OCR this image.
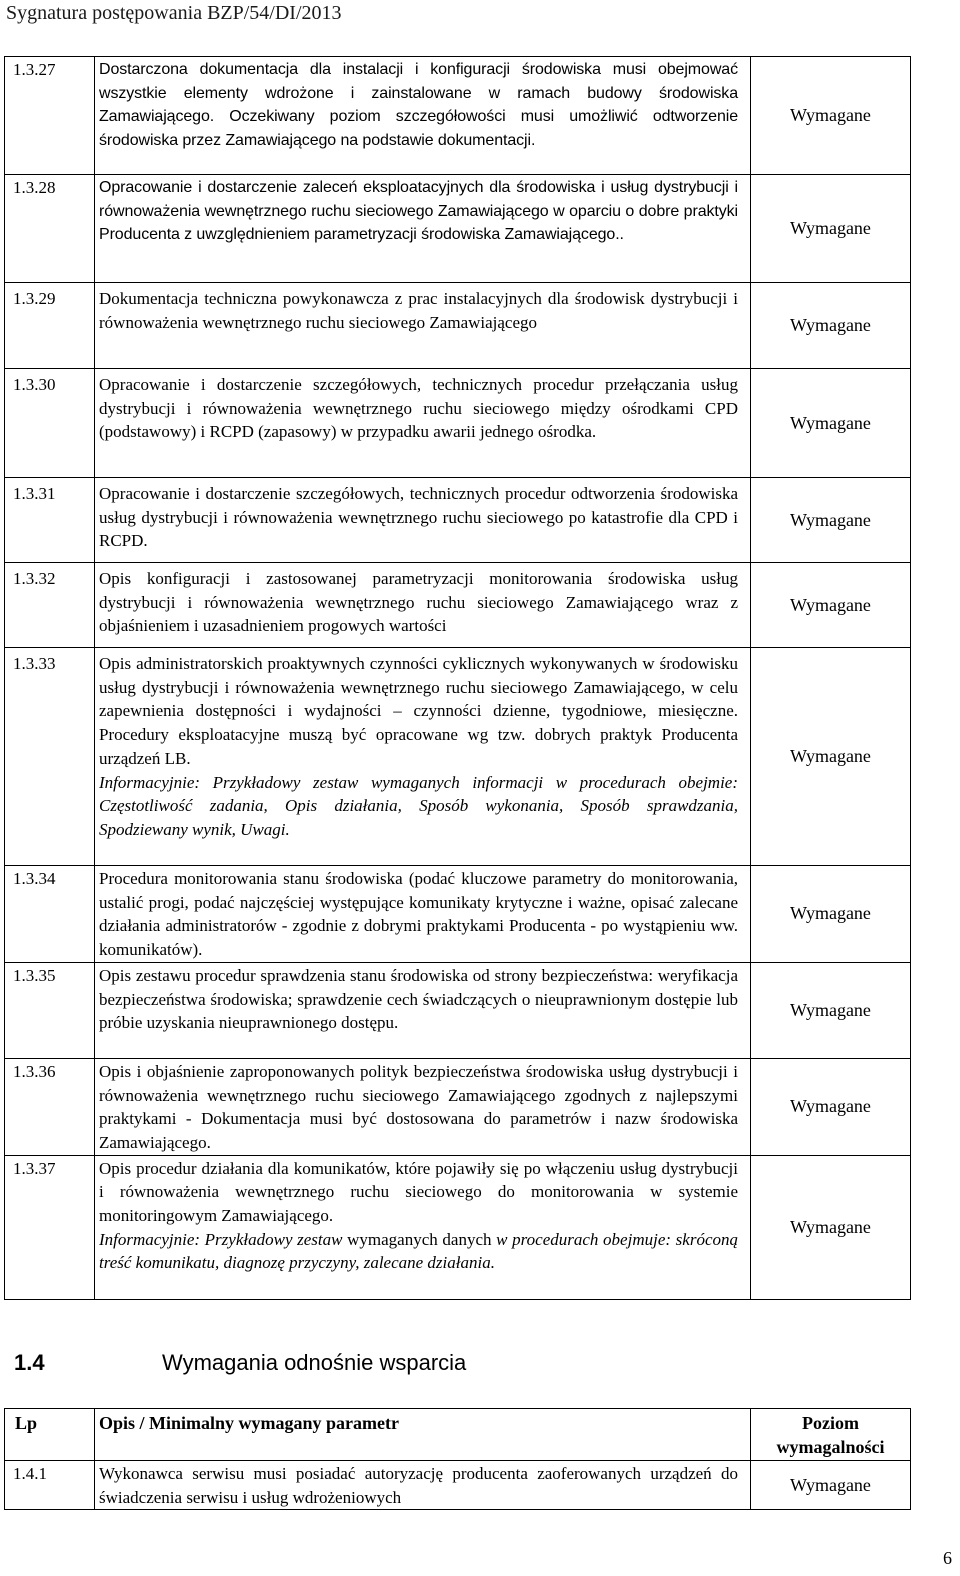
Sygnatura postępowania BZP/54/DI/2013
1.3.27	Dostarczona dokumentacja dla instalacji i konfiguracji środowiska musi obejmować wszystkie elementy wdrożone i zainstalowane w ramach budowy środowiska Zamawiającego. Oczekiwany poziom szczegółowości musi umożliwić odtworzenie środowiska przez Zamawiającego na podstawie dokumentacji.	Wymagane
1.3.28	Opracowanie i dostarczenie zaleceń eksploatacyjnych dla środowiska i usług dystrybucji i równoważenia wewnętrznego ruchu sieciowego Zamawiającego w oparciu o dobre praktyki Producenta z uwzględnieniem parametryzacji środowiska Zamawiającego..	Wymagane
1.3.29	Dokumentacja techniczna powykonawcza z prac instalacyjnych dla środowisk dystrybucji i równoważenia wewnętrznego ruchu sieciowego Zamawiającego	Wymagane
1.3.30	Opracowanie i dostarczenie szczegółowych, technicznych procedur przełączania usług dystrybucji i równoważenia wewnętrznego ruchu sieciowego między ośrodkami CPD (podstawowy) i RCPD (zapasowy) w przypadku awarii jednego ośrodka.	Wymagane
1.3.31	Opracowanie i dostarczenie szczegółowych, technicznych procedur odtworzenia środowiska usług dystrybucji i równoważenia wewnętrznego ruchu sieciowego po katastrofie dla CPD i RCPD.	Wymagane
1.3.32	Opis konfiguracji i zastosowanej parametryzacji monitorowania środowiska usług dystrybucji i równoważenia wewnętrznego ruchu sieciowego Zamawiającego wraz z objaśnieniem i uzasadnieniem progowych wartości	Wymagane
1.3.33	Opis administratorskich proaktywnych czynności cyklicznych wykonywanych w środowisku usług dystrybucji i równoważenia wewnętrznego ruchu sieciowego Zamawiającego, w celu zapewnienia dostępności i wydajności – czynności dzienne, tygodniowe, miesięczne. Procedury eksploatacyjne muszą być opracowane wg tzw. dobrych praktyk Producenta urządzeń LB.
Informacyjnie: Przykładowy zestaw wymaganych informacji w procedurach obejmie: Częstotliwość zadania, Opis działania, Sposób wykonania, Sposób sprawdzania, Spodziewany wynik, Uwagi.	Wymagane
1.3.34	Procedura monitorowania stanu środowiska (podać kluczowe parametry do monitorowania, ustalić progi, podać najczęściej występujące komunikaty krytyczne i ważne, opisać zalecane działania administratorów - zgodnie z dobrymi praktykami Producenta - po wystąpieniu ww. komunikatów).	Wymagane
1.3.35	Opis zestawu procedur sprawdzenia stanu środowiska od strony bezpieczeństwa: weryfikacja bezpieczeństwa środowiska; sprawdzenie cech świadczących o nieuprawnionym dostępie lub próbie uzyskania nieuprawnionego dostępu.	Wymagane
1.3.36	Opis i objaśnienie zaproponowanych polityk bezpieczeństwa środowiska usług dystrybucji i równoważenia wewnętrznego ruchu sieciowego Zamawiającego zgodnych z najlepszymi praktykami - Dokumentacja musi być dostosowana do parametrów i nazw środowiska Zamawiającego.	Wymagane
1.3.37	Opis procedur działania dla komunikatów, które pojawiły się po włączeniu usług dystrybucji i równoważenia wewnętrznego ruchu sieciowego do monitorowania w systemie monitoringowym Zamawiającego.
Informacyjnie: Przykładowy zestaw wymaganych danych w procedurach obejmuje: skróconą treść komunikatu, diagnozę przyczyny, zalecane działania.	Wymagane
1.4	Wymagania odnośnie wsparcia
Lp	Opis / Minimalny wymagany parametr	Poziom wymagalności
1.4.1	Wykonawca serwisu musi posiadać autoryzację producenta zaoferowanych urządzeń do świadczenia serwisu i usług wdrożeniowych	Wymagane
6
